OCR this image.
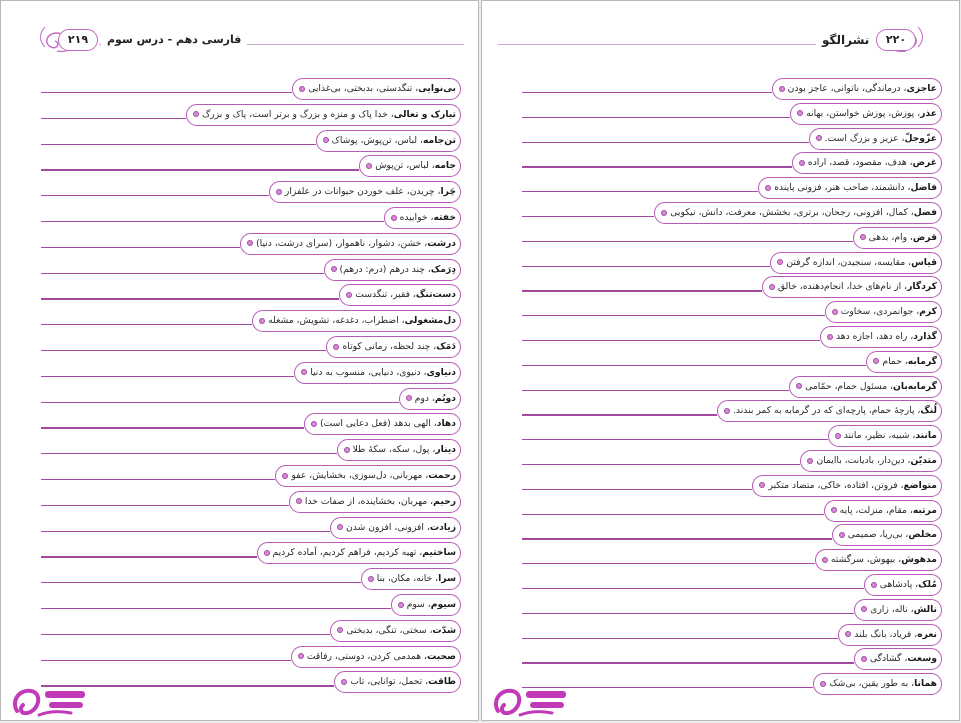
۲۱۹	فارسی دهم - درس سوم
بی‌نوایی، تنگدستی، بدبختی، بی‌غذایی
تبارک و تعالی، خدا پاک و منزه و بزرگ و برتر است، پاک و بزرگ
تن‌جامه، لباس، تن‌پوش، پوشاک
جامه، لباس، تن‌پوش
چَرا، چریدن، علف خوردن حیوانات در علفزار
خفته، خوابیده
درشت، خشن، دشوار، ناهموار، (سرای درشت، دنیا)
دِرَمک، چند درهم (درم: درهم)
دست‌تنگ، فقیر، تنگدست
دل‌مشغولی، اضطراب، دغدغه، تشویش، مشغله
دَمَک، چند لحظه، زمانی کوتاه
دنیاوی، دنیوی، دنیایی، منسوب به دنیا
دویُم، دوم
دهاد، الهی بدهد (فعل دعایی است)
دینار، پول، سکه، سکهٔ طلا
رحمت، مهربانی، دل‌سوزی، بخشایش، عفو
رحیم، مهربان، بخشاینده، از صفات خدا
زیادت، افزونی، افزون شدن
ساختیم، تهیه کردیم، فراهم کردیم، آماده کردیم
سرا، خانه، مکان، بنا
سیوم، سوم
شدّت، سختی، تنگی، بدبختی
صحبت، همدمی کردن، دوستی، رفاقت
طاقت، تحمل، توانایی، تاب
۲۲۰
نشرالگو
عاجزی، درماندگی، ناتوانی، عاجز بودن
عذر، پوزش، پوزش خواستن، بهانه
عزّوجلّ، عزیز و بزرگ است.
غرض، هدف، مقصود، قصد، اراده
فاضل، دانشمند، صاحب هنر، فزونی پاینده
فضل، کمال، افزونی، رجحان، برتری، بخشش، معرفت، دانش، نیکویی
قرض، وام، بدهی
قیاس، مقایسه، سنجیدن، اندازه گرفتن
کردگار، از نام‌های خدا، انجام‌دهنده، خالق
کرم، جوانمردی، سخاوت
گذارد، راه دهد، اجازه دهد
گرمابه، حمام
گرمابه‌بان، مسئول حمام، حمّامی
لُنگ، پارچهٔ حمام، پارچه‌ای که در گرمابه به کمر بندند.
مانند، شبیه، نظیر، مانند
متدیّن، دین‌دار، بادیانت، باایمان
متواضع، فروتن، افتاده، خاکی، متضاد متکبر
مرتبه، مقام، منزلت، پایه
مخلص، بی‌ریا، صمیمی
مدهوش، بیهوش، سرگشته
مُلک، پادشاهی
نالش، ناله، زاری
نعره، فریاد، بانگ بلند
وسعت، گشادگی
همانا، به طور یقین، بی‌شک
